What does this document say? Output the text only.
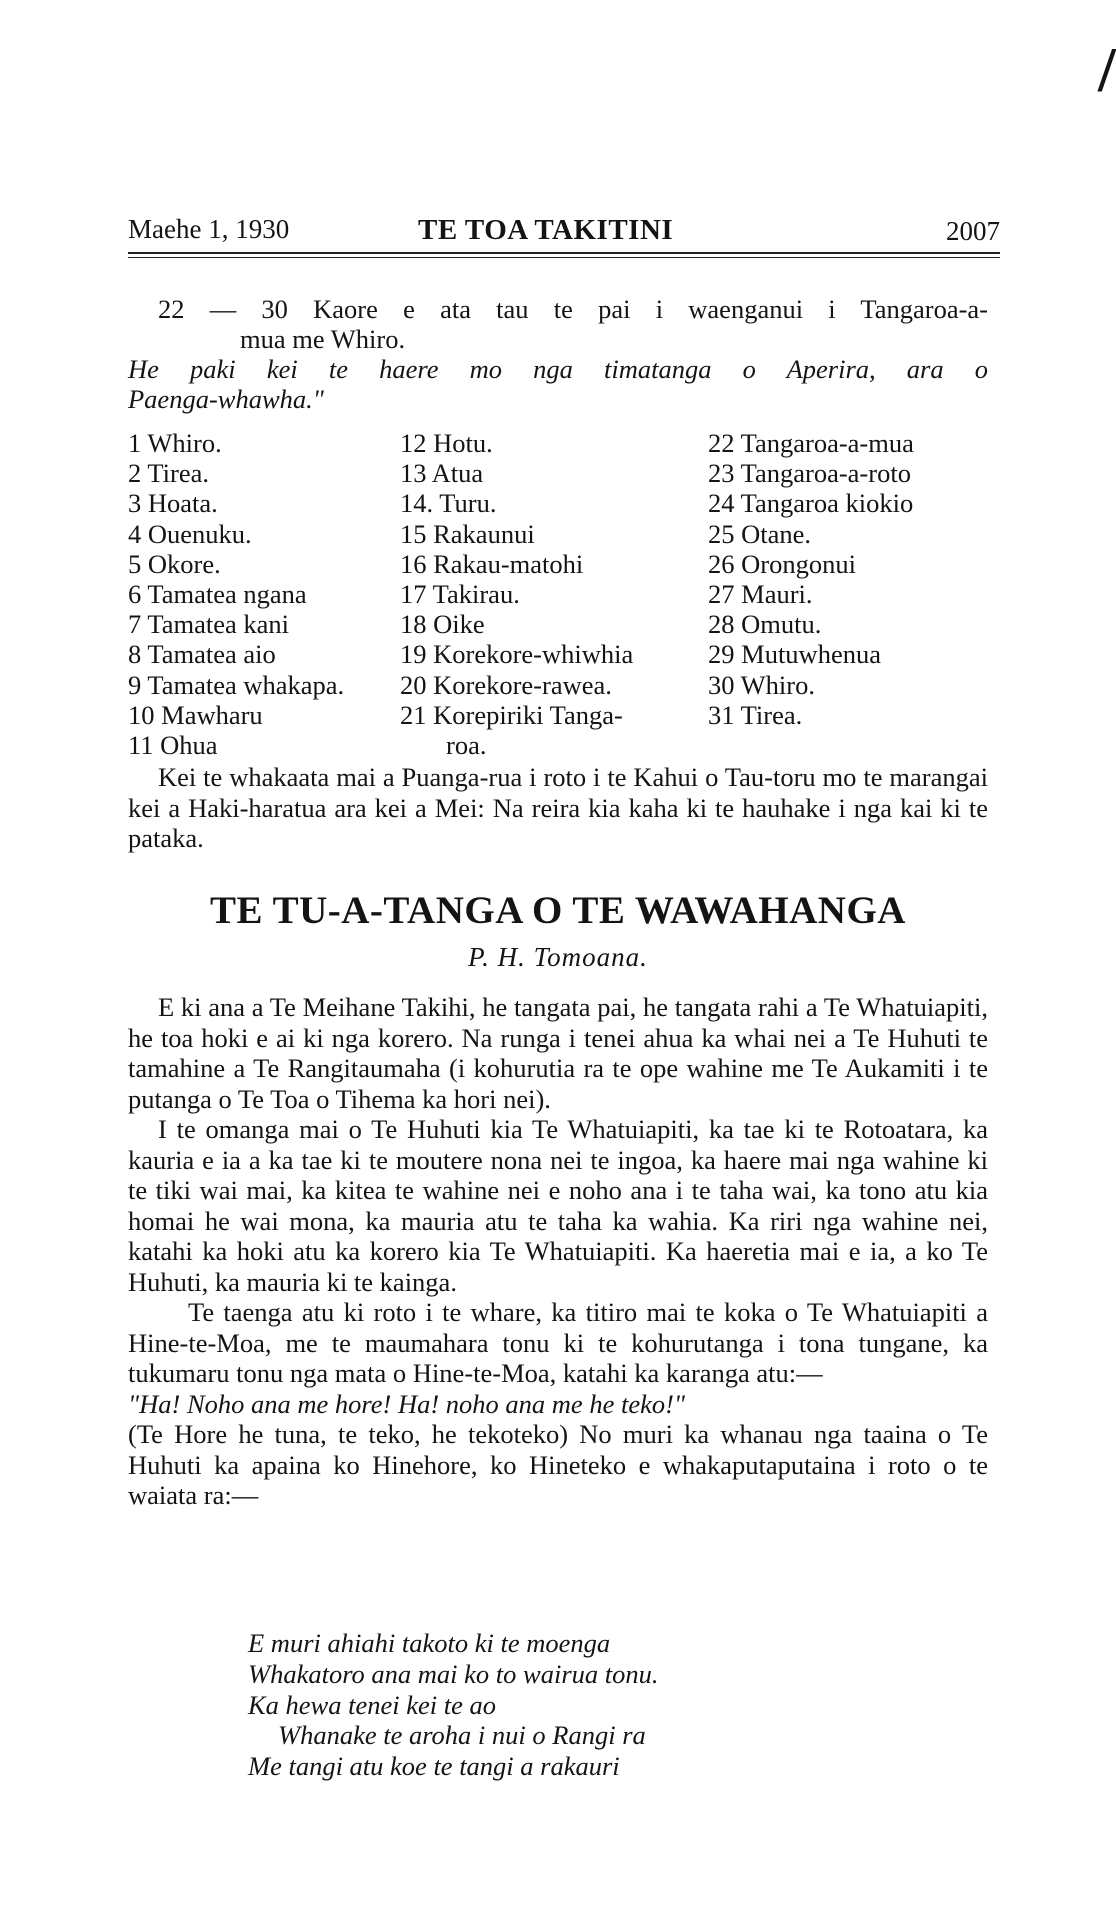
/
Maehe 1, 1930	TE TOA TAKITINI	2007
22 — 30 Kaore e ata tau te pai i waenganui i Tangaroa-a-
mua me Whiro.
He paki kei te haere mo nga timatanga o Aperira, ara o
Paenga-whawha."
1 Whiro.
2 Tirea.
3 Hoata.
4 Ouenuku.
5 Okore.
6 Tamatea ngana
7 Tamatea kani
8 Tamatea aio
9 Tamatea whakapa.
10 Mawharu
11 Ohua
12 Hotu.
13 Atua
14. Turu.
15 Rakaunui
16 Rakau-matohi
17 Takirau.
18 Oike
19 Korekore-whiwhia
20 Korekore-rawea.
21 Korepiriki Tanga-
roa.
22 Tangaroa-a-mua
23 Tangaroa-a-roto
24 Tangaroa kiokio
25 Otane.
26 Orongonui
27 Mauri.
28 Omutu.
29 Mutuwhenua
30 Whiro.
31 Tirea.

Kei te whakaata mai a Puanga-rua i roto i te Kahui o Tau-toru mo te marangai kei a Haki-haratua ara kei a Mei: Na reira kia kaha ki te hauhake i nga kai ki te pataka.

TE TU-A-TANGA O TE WAWAHANGA
P. H. Tomoana.

E ki ana a Te Meihane Takihi, he tangata pai, he tangata rahi a Te Whatuiapiti, he toa hoki e ai ki nga korero. Na runga i tenei ahua ka whai nei a Te Huhuti te tamahine a Te Rangitaumaha (i kohurutia ra te ope wahine me Te Aukamiti i te putanga o Te Toa o Tihema ka hori nei).

I te omanga mai o Te Huhuti kia Te Whatuiapiti, ka tae ki te Rotoatara, ka kauria e ia a ka tae ki te moutere nona nei te ingoa, ka haere mai nga wahine ki te tiki wai mai, ka kitea te wahine nei e noho ana i te taha wai, ka tono atu kia homai he wai mona, ka mauria atu te taha ka wahia. Ka riri nga wahine nei, katahi ka hoki atu ka korero kia Te Whatuiapiti. Ka haeretia mai e ia, a ko Te Huhuti, ka mauria ki te kainga.

Te taenga atu ki roto i te whare, ka titiro mai te koka o Te Whatuiapiti a Hine-te-Moa, me te maumahara tonu ki te kohurutanga i tona tungane, ka tukumaru tonu nga mata o Hine-te-Moa, katahi ka karanga atu:—

"Ha! Noho ana me hore! Ha! noho ana me he teko!"

(Te Hore he tuna, te teko, he tekoteko) No muri ka whanau nga taaina o Te Huhuti ka apaina ko Hinehore, ko Hineteko e whakaputaputaina i roto o te waiata ra:—

E muri ahiahi takoto ki te moenga
Whakatoro ana mai ko to wairua tonu.
Ka hewa tenei kei te ao
Whanake te aroha i nui o Rangi ra
Me tangi atu koe te tangi a rakauri
